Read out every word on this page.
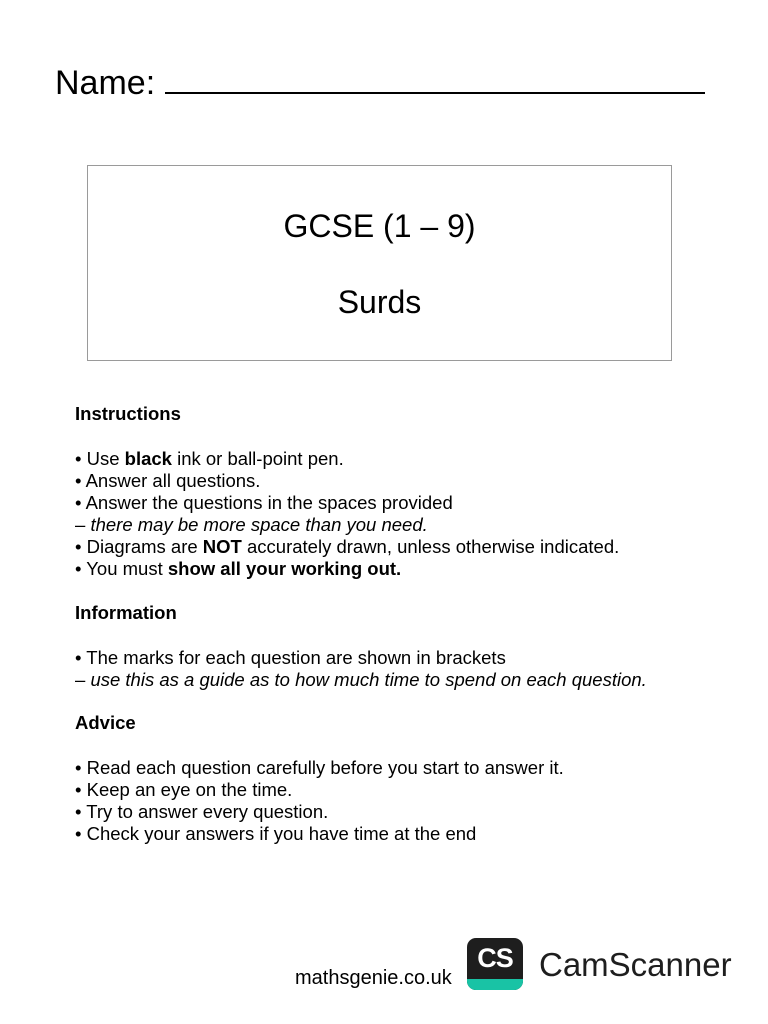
Name:
GCSE (1 – 9)
Surds
Instructions

• Use black ink or ball-point pen.

• Answer all questions.

• Answer the questions in the spaces provided

– there may be more space than you need.

• Diagrams are NOT accurately drawn, unless otherwise indicated.

• You must show all your working out.

Information

• The marks for each question are shown in brackets

– use this as a guide as to how much time to spend on each question.

Advice

• Read each question carefully before you start to answer it.

• Keep an eye on the time.

• Try to answer every question.

• Check your answers if you have time at the end

mathsgenie.co.uk
CS CamScanner
